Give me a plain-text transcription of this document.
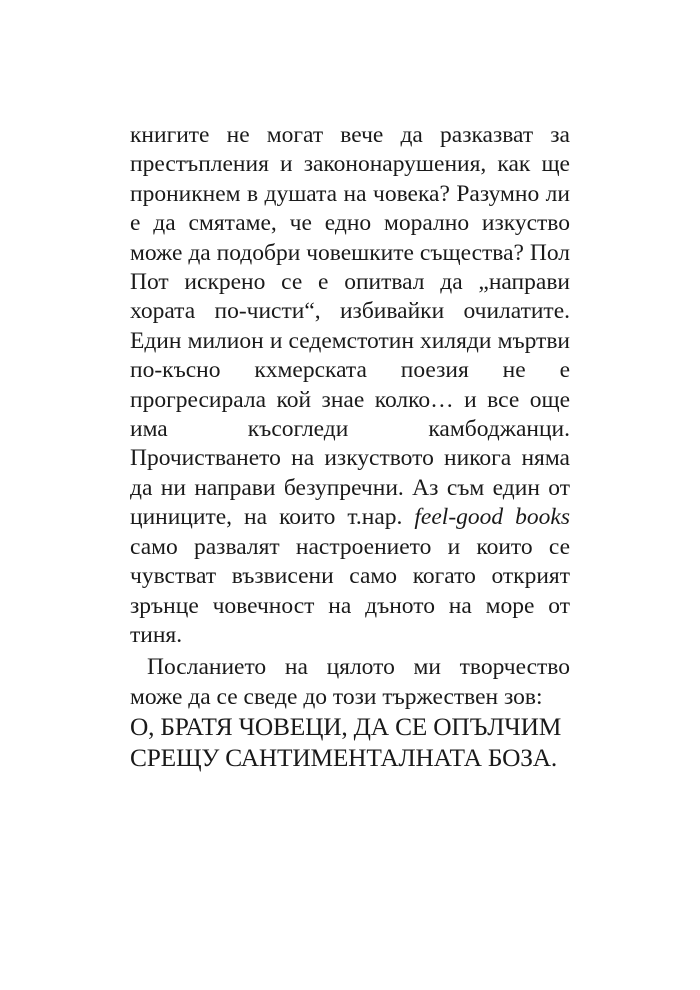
книгите не могат вече да разказват за престъпления и закононарушения, как ще проникнем в душата на човека? Разумно ли е да смятаме, че едно морално изкуство може да подобри човешките същества? Пол Пот искрено се е опитвал да „направи хората по-чисти“, избивайки очилатите. Един милион и седемстотин хиляди мъртви по-късно кхмерската поезия не е прогресирала кой знае колко… и все още има късогледи камбоджанци. Прочистването на изкуството никога няма да ни направи безупречни. Аз съм един от циниците, на които т.нар. feel-good books само развалят настроението и които се чувстват възвисени само когато открият зрънце човечност на дъното на море от тиня.

Посланието на цялото ми творчество може да се сведе до този тържествен зов:

О, БРАТЯ ЧОВЕЦИ, ДА СЕ ОПЪЛЧИМ
СРЕЩУ САНТИМЕНТАЛНАТА БОЗА.
